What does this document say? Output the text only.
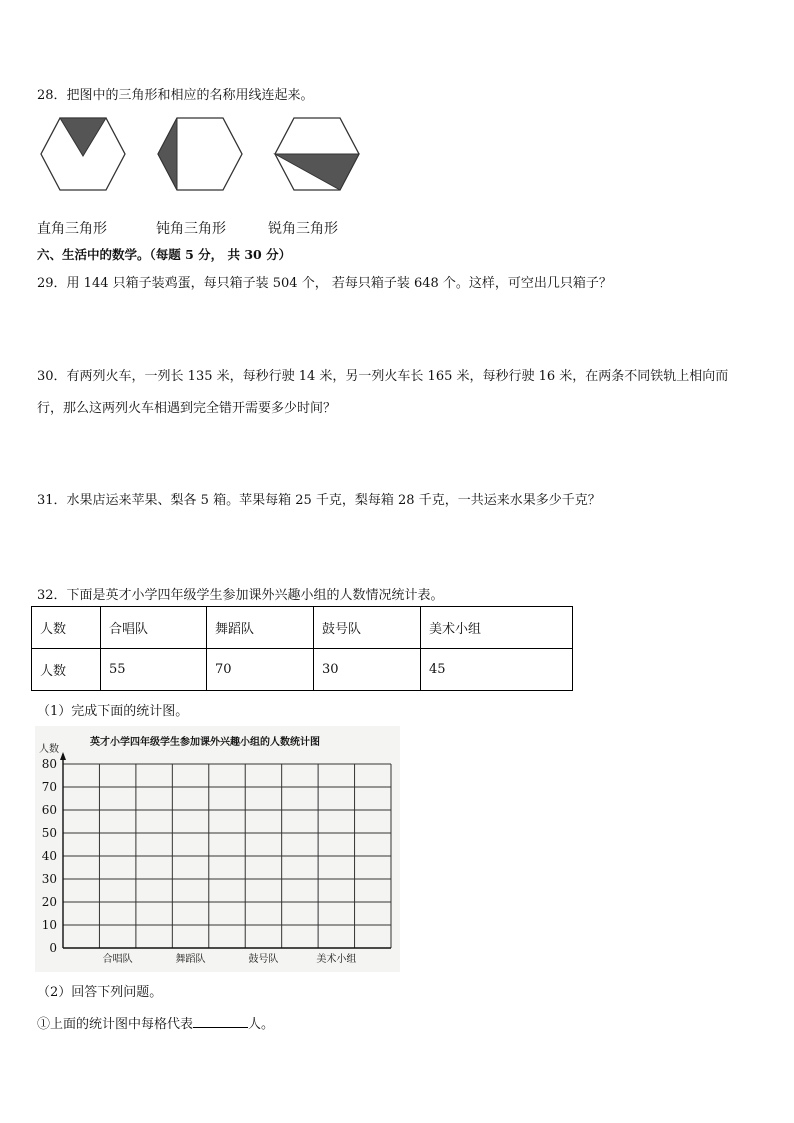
28．把图中的三角形和相应的名称用线连起来。
直角三角形	钝角三角形	锐角三角形
六、生活中的数学。（每题 5 分， 共 30 分）
29．用 144 只箱子装鸡蛋，每只箱子装 504 个， 若每只箱子装 648 个。这样，可空出几只箱子？
30．有两列火车，一列长 135 米，每秒行驶 14 米，另一列火车长 165 米，每秒行驶 16 米，在两条不同铁轨上相向而
行，那么这两列火车相遇到完全错开需要多少时间？
31．水果店运来苹果、梨各 5 箱。苹果每箱 25 千克，梨每箱 28 千克，一共运来水果多少千克？
32．下面是英才小学四年级学生参加课外兴趣小组的人数情况统计表。
人数	合唱队	舞蹈队	鼓号队	美术小组
人数	55	70	30	45
（1）完成下面的统计图。
英才小学四年级学生参加课外兴趣小组的人数统计图
人数
0
10
20
30
40
50
60
70
80
合唱队	舞蹈队	鼓号队	美术小组
（2）回答下列问题。
①上面的统计图中每格代表	人。
